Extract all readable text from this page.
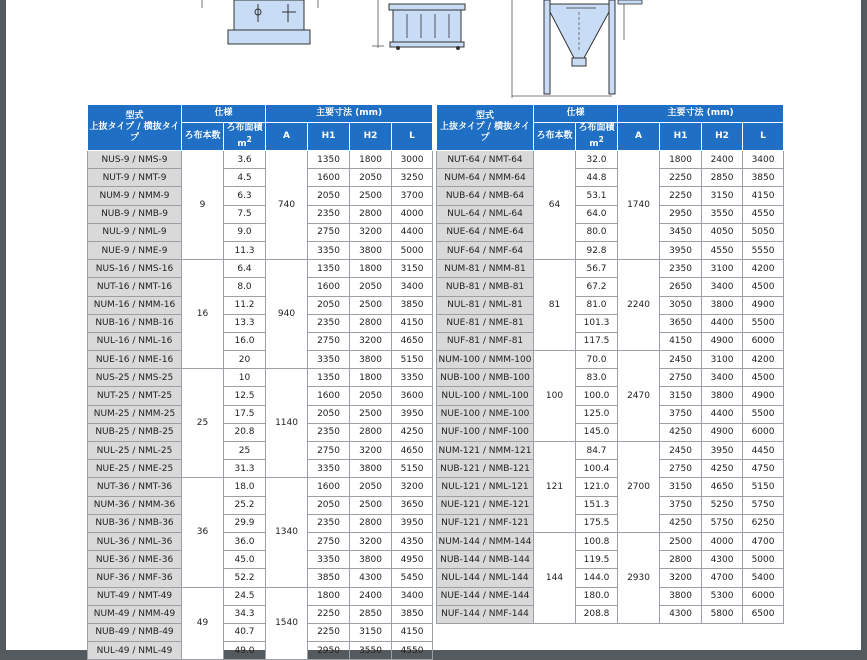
型式
上抜タイプ / 横抜タイプ	仕様		主要寸法 (mm)			
	ろ布本数	ろ布面積
$m^2$	A	H1	H2	L
NUS-9 / NMS-9	9	3.6	740	1350	1800	3000
NUT-9 / NMT-9		4.5		1600	2050	3250
NUM-9 / NMM-9		6.3		2050	2500	3700
NUB-9 / NMB-9		7.5		2350	2800	4000
NUL-9 / NML-9		9.0		2750	3200	4400
NUE-9 / NME-9		11.3		3350	3800	5000
NUS-16 / NMS-16	16	6.4	940	1350	1800	3150
NUT-16 / NMT-16		8.0		1600	2050	3400
NUM-16 / NMM-16		11.2		2050	2500	3850
NUB-16 / NMB-16		13.3		2350	2800	4150
NUL-16 / NML-16		16.0		2750	3200	4650
NUE-16 / NME-16		20		3350	3800	5150
NUS-25 / NMS-25	25	10	1140	1350	1800	3350
NUT-25 / NMT-25		12.5		1600	2050	3600
NUM-25 / NMM-25		17.5		2050	2500	3950
NUB-25 / NMB-25		20.8		2350	2800	4250
NUL-25 / NML-25		25		2750	3200	4650
NUE-25 / NME-25		31.3		3350	3800	5150
NUT-36 / NMT-36	36	18.0	1340	1600	2050	3200
NUM-36 / NMM-36		25.2		2050	2500	3650
NUB-36 / NMB-36		29.9		2350	2800	3950
NUL-36 / NML-36		36.0		2750	3200	4350
NUE-36 / NME-36		45.0		3350	3800	4950
NUF-36 / NMF-36		52.2		3850	4300	5450
NUT-49 / NMT-49	49	24.5	1540	1800	2400	3400
NUM-49 / NMM-49		34.3		2250	2850	3850
NUB-49 / NMB-49		40.7		2250	3150	4150
NUL-49 / NML-49		49.0		2950	3550	4550
型式
上抜タイプ / 横抜タイプ	仕様		主要寸法 (mm)			
	ろ布本数	ろ布面積
$m^2$	A	H1	H2	L
NUT-64 / NMT-64	64	32.0	1740	1800	2400	3400
NUM-64 / NMM-64		44.8		2250	2850	3850
NUB-64 / NMB-64		53.1		2250	3150	4150
NUL-64 / NML-64		64.0		2950	3550	4550
NUE-64 / NME-64		80.0		3450	4050	5050
NUF-64 / NMF-64		92.8		3950	4550	5550
NUM-81 / NMM-81	81	56.7	2240	2350	3100	4200
NUB-81 / NMB-81		67.2		2650	3400	4500
NUL-81 / NML-81		81.0		3050	3800	4900
NUE-81 / NME-81		101.3		3650	4400	5500
NUF-81 / NMF-81		117.5		4150	4900	6000
NUM-100 / NMM-100	100	70.0	2470	2450	3100	4200
NUB-100 / NMB-100		83.0		2750	3400	4500
NUL-100 / NML-100		100.0		3150	3800	4900
NUE-100 / NME-100		125.0		3750	4400	5500
NUF-100 / NMF-100		145.0		4250	4900	6000
NUM-121 / NMM-121	121	84.7	2700	2450	3950	4450
NUB-121 / NMB-121		100.4		2750	4250	4750
NUL-121 / NML-121		121.0		3150	4650	5150
NUE-121 / NME-121		151.3		3750	5250	5750
NUF-121 / NMF-121		175.5		4250	5750	6250
NUM-144 / NMM-144	144	100.8	2930	2500	4000	4700
NUB-144 / NMB-144		119.5		2800	4300	5000
NUL-144 / NML-144		144.0		3200	4700	5400
NUE-144 / NME-144		180.0		3800	5300	6000
NUF-144 / NMF-144		208.8		4300	5800	6500
